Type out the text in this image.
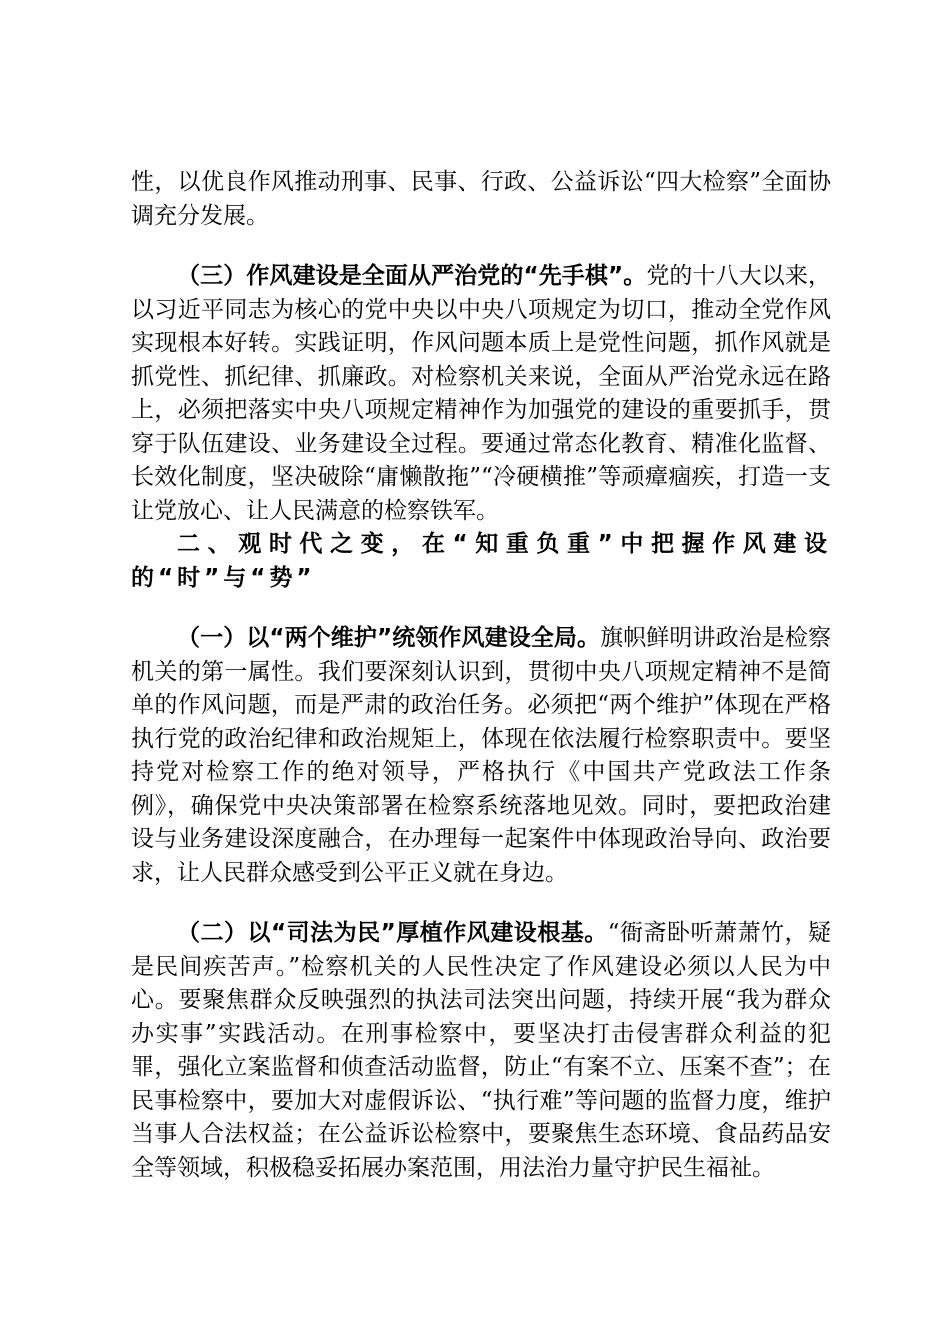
性，以优良作风推动刑事、民事、行政、公益诉讼“四大检察”全面协调充分发展。

（三）作风建设是全面从严治党的“先手棋”。党的十八大以来，以习近平同志为核心的党中央以中央八项规定为切口，推动全党作风实现根本好转。实践证明，作风问题本质上是党性问题，抓作风就是抓党性、抓纪律、抓廉政。对检察机关来说，全面从严治党永远在路上，必须把落实中央八项规定精神作为加强党的建设的重要抓手，贯穿于队伍建设、业务建设全过程。要通过常态化教育、精准化监督、长效化制度，坚决破除“庸懒散拖”“冷硬横推”等顽瘴痼疾，打造一支让党放心、让人民满意的检察铁军。

二、观时代之变，在“知重负重”中把握作风建设的“时”与“势”

（一）以“两个维护”统领作风建设全局。旗帜鲜明讲政治是检察机关的第一属性。我们要深刻认识到，贯彻中央八项规定精神不是简单的作风问题，而是严肃的政治任务。必须把“两个维护”体现在严格执行党的政治纪律和政治规矩上，体现在依法履行检察职责中。要坚持党对检察工作的绝对领导，严格执行《中国共产党政法工作条例》，确保党中央决策部署在检察系统落地见效。同时，要把政治建设与业务建设深度融合，在办理每一起案件中体现政治导向、政治要求，让人民群众感受到公平正义就在身边。

（二）以“司法为民”厚植作风建设根基。“衙斋卧听萧萧竹，疑是民间疾苦声。”检察机关的人民性决定了作风建设必须以人民为中心。要聚焦群众反映强烈的执法司法突出问题，持续开展“我为群众办实事”实践活动。在刑事检察中，要坚决打击侵害群众利益的犯罪，强化立案监督和侦查活动监督，防止“有案不立、压案不查”；在民事检察中，要加大对虚假诉讼、“执行难”等问题的监督力度，维护当事人合法权益；在公益诉讼检察中，要聚焦生态环境、食品药品安全等领域，积极稳妥拓展办案范围，用法治力量守护民生福祉。
